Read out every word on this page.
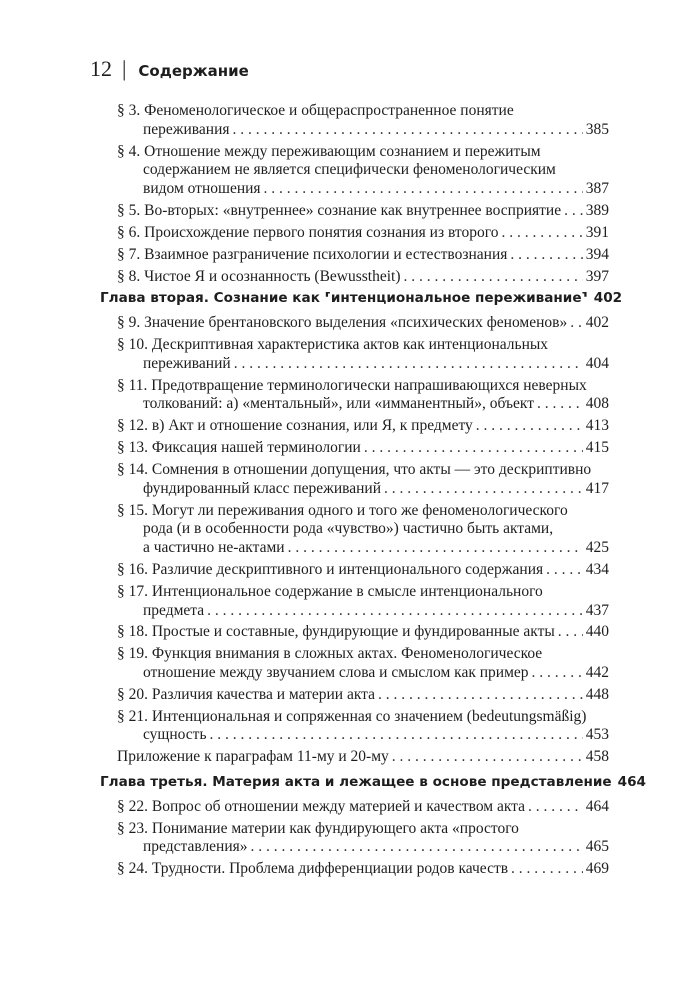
12 | Содержание
§ 3. Феноменологическое и общераспространенное понятие
переживания . . .	385
§ 4. Отношение между переживающим сознанием и пережитым
содержанием не является специфически феноменологическим
видом отношения . . .	387
§ 5. Во-вторых: «внутреннее» сознание как внутреннее восприятие . . . 389
§ 6. Происхождение первого понятия сознания из второго . . .	391
§ 7. Взаимное разграничение психологии и естествознания . . .	394
§ 8. Чистое Я и осознанность (Bewusstheit) . . .	397
Глава вторая. Сознание как ⸢интенциональное переживание⸣ 402
§ 9. Значение брентановского выделения «психических феноменов» . . . 402
§ 10. Дескриптивная характеристика актов как интенциональных
переживаний . . .	404
§ 11. Предотвращение терминологически напрашивающихся неверных
толкований: а) «ментальный», или «имманентный», объект . . .	408
§ 12. в) Акт и отношение сознания, или Я, к предмету . . .	413
§ 13. Фиксация нашей терминологии . . .	415
§ 14. Сомнения в отношении допущения, что акты — это дескриптивно
фундированный класс переживаний . . .	417
§ 15. Могут ли переживания одного и того же феноменологического
рода (и в особенности рода «чувство») частично быть актами,
а частично не-актами . . .	425
§ 16. Различие дескриптивного и интенционального содержания . . .	434
§ 17. Интенциональное содержание в смысле интенционального
предмета . . .	437
§ 18. Простые и составные, фундирующие и фундированные акты . . . 440
§ 19. Функция внимания в сложных актах. Феноменологическое
отношение между звучанием слова и смыслом как пример . . .	442
§ 20. Различия качества и материи акта . . .	448
§ 21. Интенциональная и сопряженная со значением (bedeutungsmäßig)
сущность . . .	453
Приложение к параграфам 11-му и 20-му . . .	458
Глава третья. Материя акта и лежащее в основе представление 464
§ 22. Вопрос об отношении между материей и качеством акта . . .	464
§ 23. Понимание материи как фундирующего акта «простого
представления» . . .	465
§ 24. Трудности. Проблема дифференциации родов качеств . . .	469
